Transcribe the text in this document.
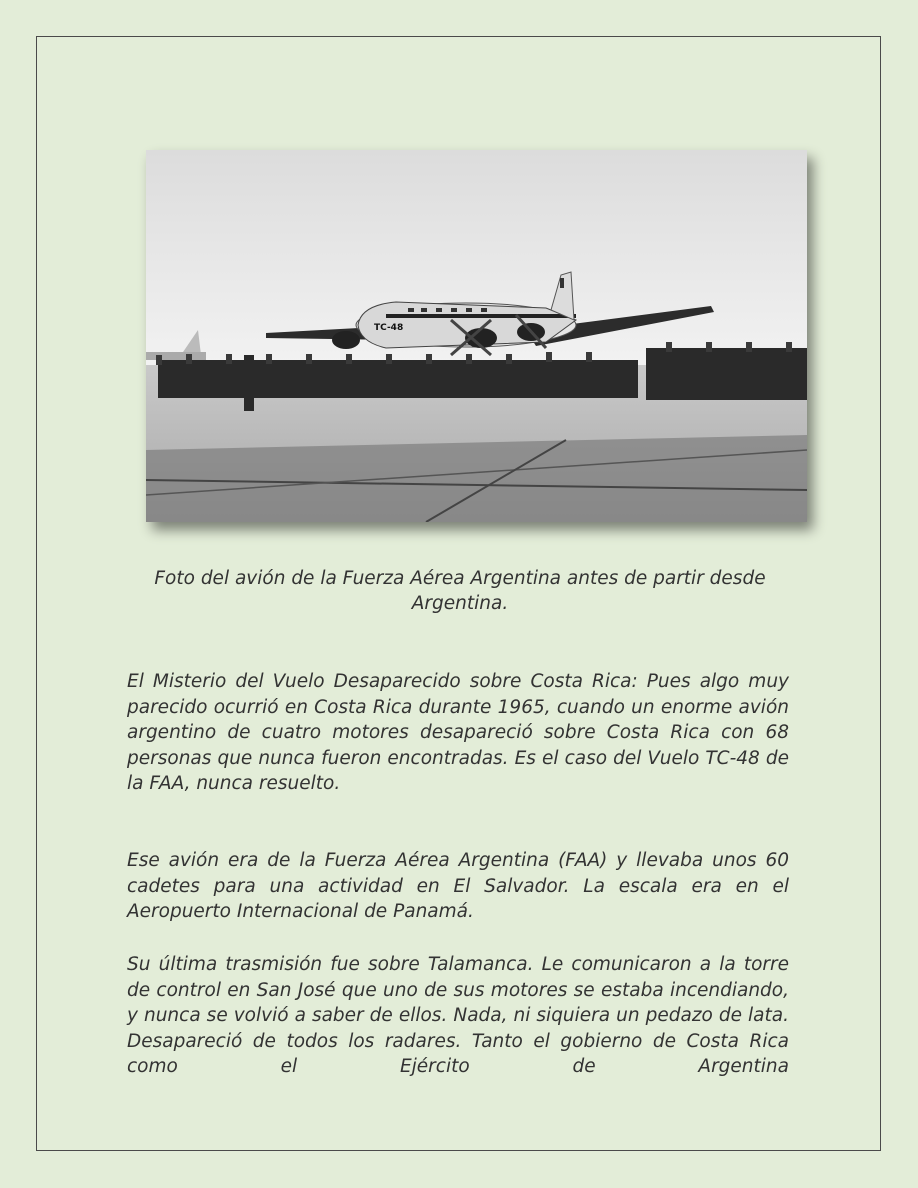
TC-48
Foto del avión de la Fuerza Aérea Argentina antes de partir desde Argentina.

El Misterio del Vuelo Desaparecido sobre Costa Rica: Pues algo muy parecido ocurrió en Costa Rica durante 1965, cuando un enorme avión argentino de cuatro motores desapareció sobre Costa Rica con 68 personas que nunca fueron encontradas. Es el caso del Vuelo TC-48 de la FAA, nunca resuelto.

Ese avión era de la Fuerza Aérea Argentina (FAA) y llevaba unos 60 cadetes para una actividad en El Salvador. La escala era en el Aeropuerto Internacional de Panamá.

Su última trasmisión fue sobre Talamanca. Le comunicaron a la torre de control en San José que uno de sus motores se estaba incendiando, y nunca se volvió a saber de ellos. Nada, ni siquiera un pedazo de lata. Desapareció de todos los radares. Tanto el gobierno de Costa Rica como el Ejército de Argentina
